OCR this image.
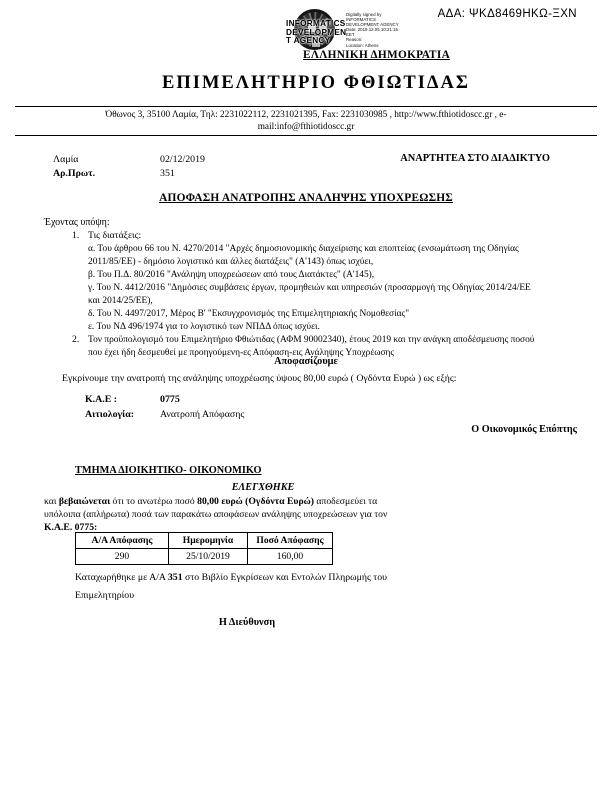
ΑΔΑ: ΨΚΔ8469ΗΚΩ-ΞΧΝ
INFORMATICS
DEVELOPMEN
T AGENCY
Digitally signed by
INFORMATICS
DEVELOPMENT AGENCY
Date: 2019.12.05 10:21:15
EET
Reason:
Location: Athens
ΕΛΛΗΝΙΚΗ ΔΗΜΟΚΡΑΤΙΑ
ΕΠΙΜΕΛΗΤΗΡΙΟ ΦΘΙΩΤΙΔΑΣ
Όθωνος 3, 35100 Λαμία, Τηλ: 2231022112, 2231021395, Fax: 2231030985 , http://www.fthiotidoscc.gr , e-
mail:info@fthiotidoscc.gr
Λαμία	02/12/2019	ΑΝΑΡΤΗΤΕΑ ΣΤΟ ΔΙΑΔΙΚΤΥΟ
Αρ.Πρωτ.	351
ΑΠΟΦΑΣΗ ΑΝΑΤΡΟΠΗΣ ΑΝΑΛΗΨΗΣ ΥΠΟΧΡΕΩΣΗΣ
Έχοντας υπόψη:
1. Τις διατάξεις:
α. Του άρθρου 66 του Ν. 4270/2014 "Αρχές δημοσιονομικής διαχείρισης και εποπτείας (ενσωμάτωση της Οδηγίας
2011/85/ΕΕ) - δημόσιο λογιστικό και άλλες διατάξεις" (Α'143) όπως ισχύει,
β. Του Π.Δ. 80/2016 "Ανάληψη υποχρεώσεων από τους Διατάκτες" (Α'145),
γ. Του Ν. 4412/2016 "Δημόσιες συμβάσεις έργων, προμηθειών και υπηρεσιών (προσαρμογή της Οδηγίας 2014/24/ΕΕ
και 2014/25/ΕΕ),
δ. Του Ν. 4497/2017, Μέρος Β' "Εκσυγχρονισμός της Επιμελητηριακής Νομοθεσίας"
ε. Του ΝΔ 496/1974 για το λογιστικό των ΝΠΔΔ όπως ισχύει.
2. Τον προϋπολογισμό του Επιμελητήριο Φθιώτιδας (ΑΦΜ 90002340), έτους 2019 και την ανάγκη αποδέσμευσης ποσού
που έχει ήδη δεσμευθεί με προηγούμενη-ες Απόφαση-εις Ανάληψης Υποχρέωσης
Αποφασίζουμε
Εγκρίνουμε την ανατροπή της ανάληψης υποχρέωσης ύψους 80,00 ευρώ ( Ογδόντα Ευρώ ) ως εξής:
Κ.Α.Ε :	0775
Αιτιολογία:	Ανατροπή Απόφασης
Ο Οικονομικός Επόπτης
ΤΜΗΜΑ ΔΙΟΙΚΗΤΙΚΟ- ΟΙΚΟΝΟΜΙΚΟ
ΕΛΕΓΧΘΗΚΕ
και βεβαιώνεται ότι το ανωτέρω ποσό 80,00 ευρώ (Ογδόντα Ευρώ) αποδεσμεύει τα
υπόλοιπα (απλήρωτα) ποσά των παρακάτω αποφάσεων ανάληψης υποχρεώσεων για τον
Κ.Α.Ε. 0775:
Α/Α Απόφασης	Ημερομηνία	Ποσό Απόφασης
290	25/10/2019	160,00
Καταχωρήθηκε με Α/Α 351 στο Βιβλίο Εγκρίσεων και Εντολών Πληρωμής του
Επιμελητηρίου
Η Διεύθυνση
